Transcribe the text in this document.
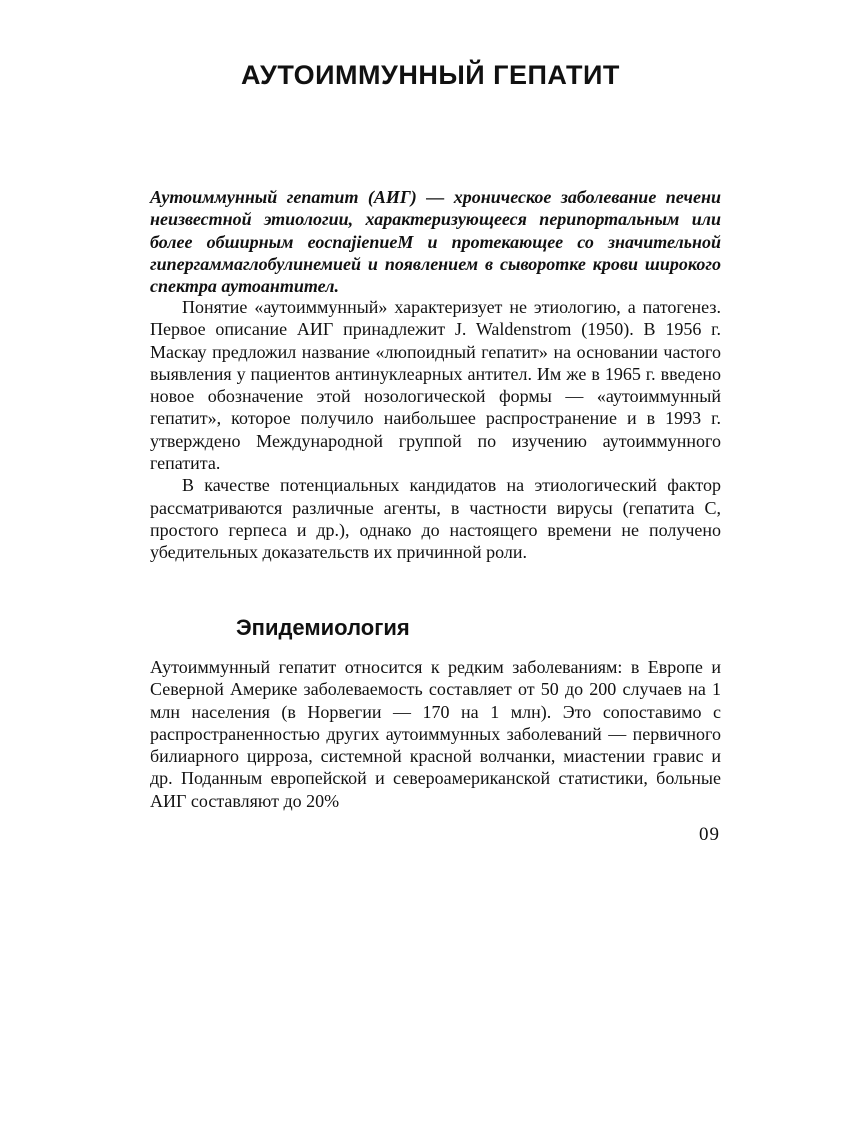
АУТОИММУННЫЙ ГЕПАТИТ

Аутоиммунный гепатит (АИГ) — хроническое заболевание печени неизвестной этиологии, характеризующееся перипортальным или более обширным еоспајіепиеМ и протекающее со значительной гипергаммаглобулинемией и появлением в сыворотке крови широкого спектра аутоантител.

Понятие «аутоиммунный» характеризует не этиологию, а патогенез. Первое описание АИГ принадлежит J. Waldenstrom (1950). В 1956 г. Маскау предложил название «люпоидный гепатит» на основании частого выявления у пациентов антинуклеарных антител. Им же в 1965 г. введено новое обозначение этой нозологической формы — «аутоиммунный гепатит», которое получило наибольшее распространение и в 1993 г. утверждено Международной группой по изучению аутоиммунного гепатита.

В качестве потенциальных кандидатов на этиологический фактор рассматриваются различные агенты, в частности вирусы (гепатита С, простого герпеса и др.), однако до настоящего времени не получено убедительных доказательств их причинной роли.

Эпидемиология

Аутоиммунный гепатит относится к редким заболеваниям: в Европе и Северной Америке заболеваемость составляет от 50 до 200 случаев на 1 млн населения (в Норвегии — 170 на 1 млн). Это сопоставимо с распространенностью других аутоиммунных заболеваний — первичного билиарного цирроза, системной красной волчанки, миастении гравис и др. Поданным европейской и североамериканской статистики, больные АИГ составляют до 20%

09
